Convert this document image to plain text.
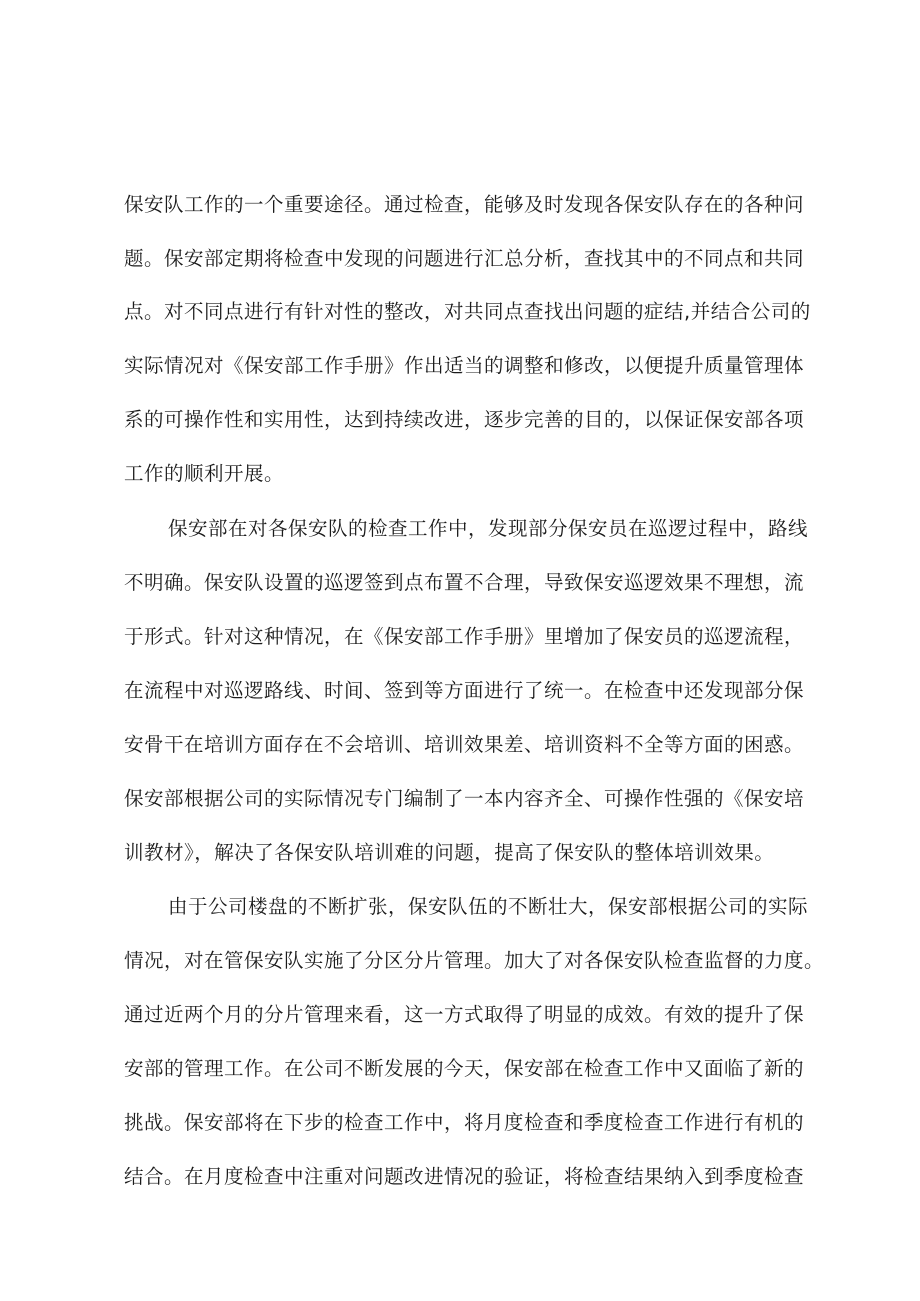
保安队工作的一个重要途径。通过检查，能够及时发现各保安队存在的各种问
题。保安部定期将检查中发现的问题进行汇总分析，查找其中的不同点和共同
点。对不同点进行有针对性的整改，对共同点查找出问题的症结,并结合公司的
实际情况对《保安部工作手册》作出适当的调整和修改，以便提升质量管理体
系的可操作性和实用性，达到持续改进，逐步完善的目的，以保证保安部各项
工作的顺利开展。
保安部在对各保安队的检查工作中，发现部分保安员在巡逻过程中，路线
不明确。保安队设置的巡逻签到点布置不合理，导致保安巡逻效果不理想，流
于形式。针对这种情况，在《保安部工作手册》里增加了保安员的巡逻流程，
在流程中对巡逻路线、时间、签到等方面进行了统一。在检查中还发现部分保
安骨干在培训方面存在不会培训、培训效果差、培训资料不全等方面的困惑。
保安部根据公司的实际情况专门编制了一本内容齐全、可操作性强的《保安培
训教材》，解决了各保安队培训难的问题，提高了保安队的整体培训效果。
由于公司楼盘的不断扩张，保安队伍的不断壮大，保安部根据公司的实际
情况，对在管保安队实施了分区分片管理。加大了对各保安队检查监督的力度。
通过近两个月的分片管理来看，这一方式取得了明显的成效。有效的提升了保
安部的管理工作。在公司不断发展的今天，保安部在检查工作中又面临了新的
挑战。保安部将在下步的检查工作中，将月度检查和季度检查工作进行有机的
结合。在月度检查中注重对问题改进情况的验证，将检查结果纳入到季度检查
